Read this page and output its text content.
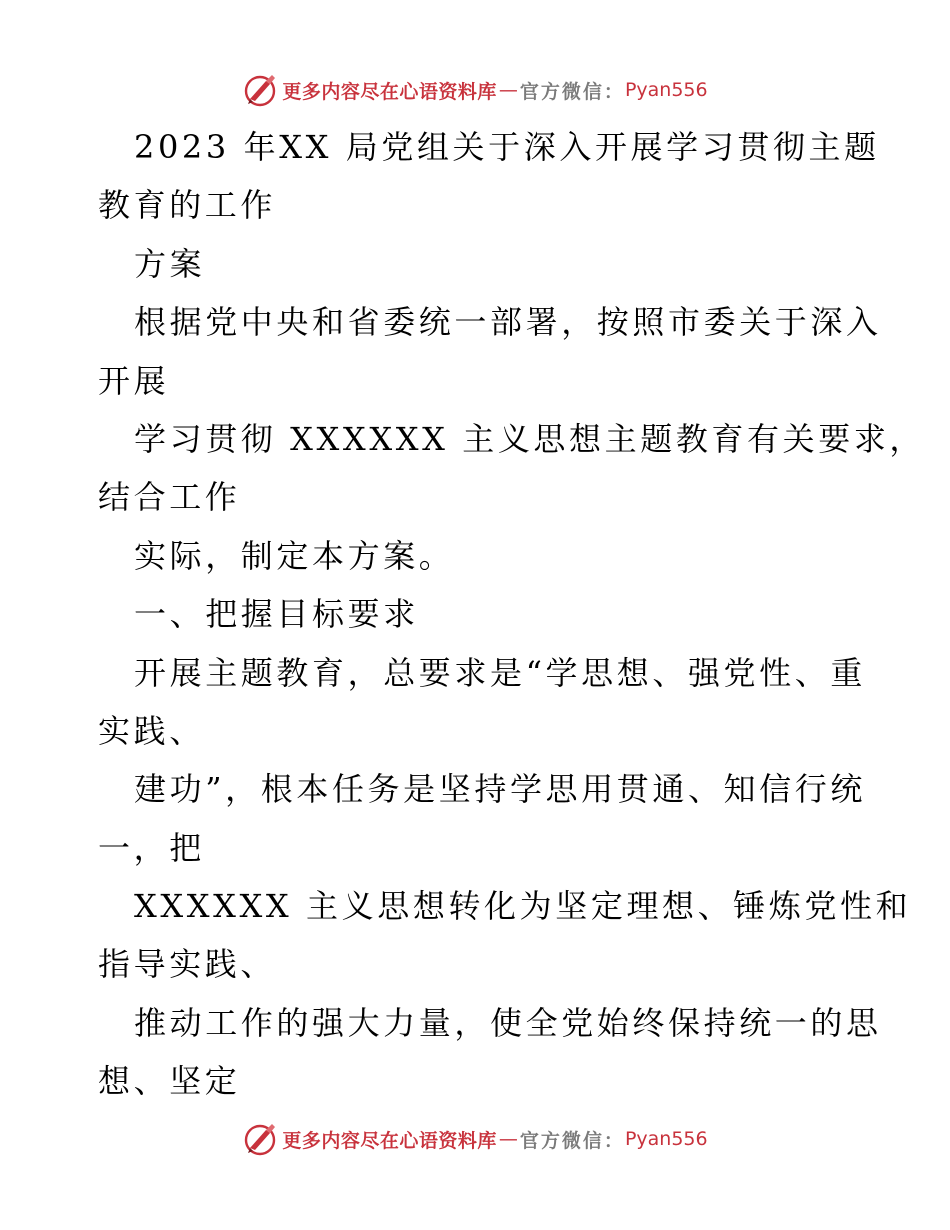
更多内容尽在心语资料库 — 官方微信： Pyan556
2023 年XX 局党组关于深入开展学习贯彻主题
教育的工作
方案
根据党中央和省委统一部署，按照市委关于深入
开展
学习贯彻 XXXXXX 主义思想主题教育有关要求，
结合工作
实际，制定本方案。
一、把握目标要求
开展主题教育，总要求是“学思想、强党性、重
实践、
建功”，根本任务是坚持学思用贯通、知信行统
一，把
XXXXXX 主义思想转化为坚定理想、锤炼党性和
指导实践、
推动工作的强大力量，使全党始终保持统一的思
想、坚定
更多内容尽在心语资料库 — 官方微信： Pyan556
